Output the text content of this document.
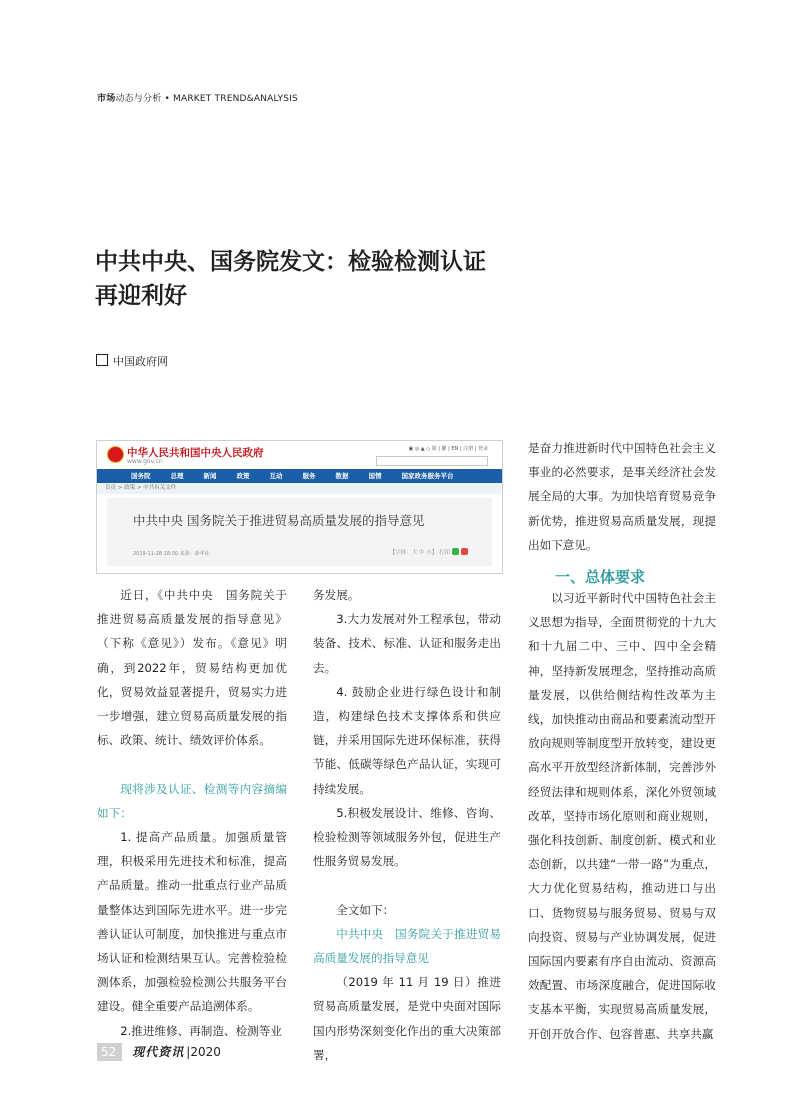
市场动态与分析 • MARKET TREND&ANALYSIS
中共中央、国务院发文：检验检测认证
再迎利好
中国政府网
中华人民共和国中央人民政府
www.gov.cn
▣ ◎ ▲ ◇ 简 | 繁 | EN | 注册 | 登录
国务院	总理	新闻	政策	互动	服务	数据	国情	国家政务服务平台
首页 > 政策 > 中共有关文件
中共中央 国务院关于推进贸易高质量发展的指导意见
2019-11-28 18:00 来源：新华社	【字体：大 中 小】 打印

近日，《中共中央　国务院关于推进贸易高质量发展的指导意见》（下称《意见》）发布。《意见》明确，到2022年，贸易结构更加优化，贸易效益显著提升，贸易实力进一步增强，建立贸易高质量发展的指标、政策、统计、绩效评价体系。

现将涉及认证、检测等内容摘编如下：

1. 提高产品质量。加强质量管理，积极采用先进技术和标准，提高产品质量。推动一批重点行业产品质量整体达到国际先进水平。进一步完善认证认可制度，加快推进与重点市场认证和检测结果互认。完善检验检测体系，加强检验检测公共服务平台建设。健全重要产品追溯体系。

2.推进维修、再制造、检测等业

务发展。

3.大力发展对外工程承包，带动装备、技术、标准、认证和服务走出去。

4. 鼓励企业进行绿色设计和制造，构建绿色技术支撑体系和供应链，并采用国际先进环保标准，获得节能、低碳等绿色产品认证，实现可持续发展。

5.积极发展设计、维修、咨询、检验检测等领域服务外包，促进生产性服务贸易发展。

全文如下：

中共中央　国务院关于推进贸易高质量发展的指导意见

（2019 年 11 月 19 日）推进贸易高质量发展，是党中央面对国际国内形势深刻变化作出的重大决策部署，

是奋力推进新时代中国特色社会主义事业的必然要求，是事关经济社会发展全局的大事。为加快培育贸易竞争新优势，推进贸易高质量发展，现提出如下意见。

一、总体要求

以习近平新时代中国特色社会主义思想为指导，全面贯彻党的十九大和十九届二中、三中、四中全会精神，坚持新发展理念，坚持推动高质量发展，以供给侧结构性改革为主线，加快推动由商品和要素流动型开放向规则等制度型开放转变，建设更高水平开放型经济新体制，完善涉外经贸法律和规则体系，深化外贸领域改革，坚持市场化原则和商业规则，强化科技创新、制度创新、模式和业态创新，以共建“一带一路”为重点，大力优化贸易结构，推动进口与出口、货物贸易与服务贸易、贸易与双向投资、贸易与产业协调发展，促进国际国内要素有序自由流动、资源高效配置、市场深度融合，促进国际收支基本平衡，实现贸易高质量发展，开创开放合作、包容普惠、共享共赢

52	现代资讯 |2020
